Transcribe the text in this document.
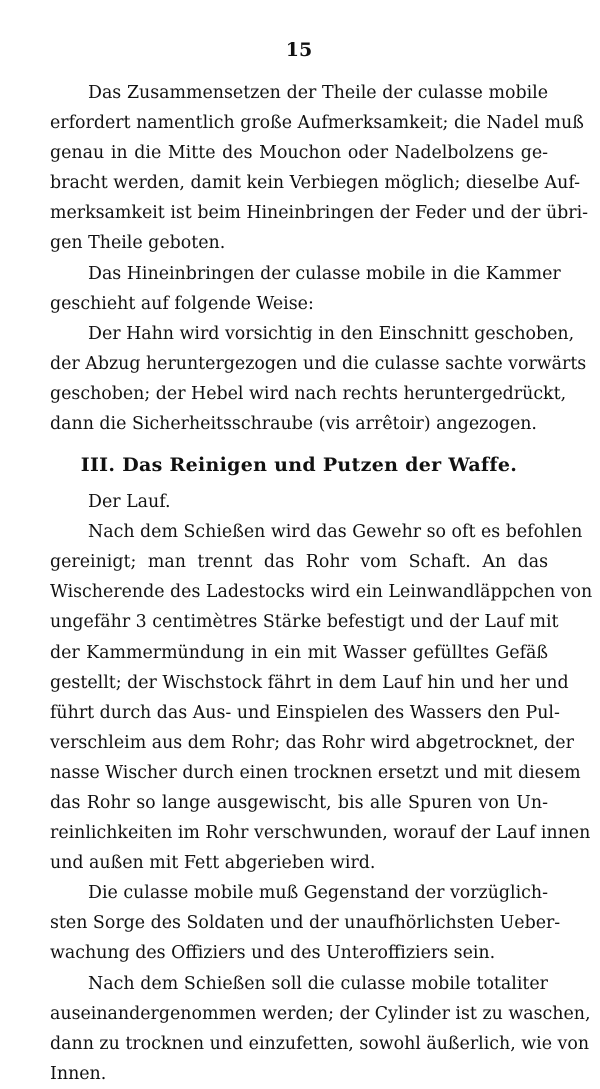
15
Das Zusammensetzen der Theile der culasse mobile
erfordert namentlich große Aufmerksamkeit; die Nadel muß
genau in die Mitte des Mouchon oder Nadelbolzens ge-
bracht werden, damit kein Verbiegen möglich; dieselbe Auf-
merksamkeit ist beim Hineinbringen der Feder und der übri-
gen Theile geboten.
Das Hineinbringen der culasse mobile in die Kammer
geschieht auf folgende Weise:
Der Hahn wird vorsichtig in den Einschnitt geschoben,
der Abzug heruntergezogen und die culasse sachte vorwärts
geschoben; der Hebel wird nach rechts heruntergedrückt,
dann die Sicherheitsschraube (vis arrêtoir) angezogen.
III. Das Reinigen und Putzen der Waffe.
Der Lauf.
Nach dem Schießen wird das Gewehr so oft es befohlen
gereinigt; man trennt das Rohr vom Schaft. An das
Wischerende des Ladestocks wird ein Leinwandläppchen von
ungefähr 3 centimètres Stärke befestigt und der Lauf mit
der Kammermündung in ein mit Wasser gefülltes Gefäß
gestellt; der Wischstock fährt in dem Lauf hin und her und
führt durch das Aus- und Einspielen des Wassers den Pul-
verschleim aus dem Rohr; das Rohr wird abgetrocknet, der
nasse Wischer durch einen trocknen ersetzt und mit diesem
das Rohr so lange ausgewischt, bis alle Spuren von Un-
reinlichkeiten im Rohr verschwunden, worauf der Lauf innen
und außen mit Fett abgerieben wird.
Die culasse mobile muß Gegenstand der vorzüglich-
sten Sorge des Soldaten und der unaufhörlichsten Ueber-
wachung des Offiziers und des Unteroffiziers sein.
Nach dem Schießen soll die culasse mobile totaliter
auseinandergenommen werden; der Cylinder ist zu waschen,
dann zu trocknen und einzufetten, sowohl äußerlich, wie von
Innen.
